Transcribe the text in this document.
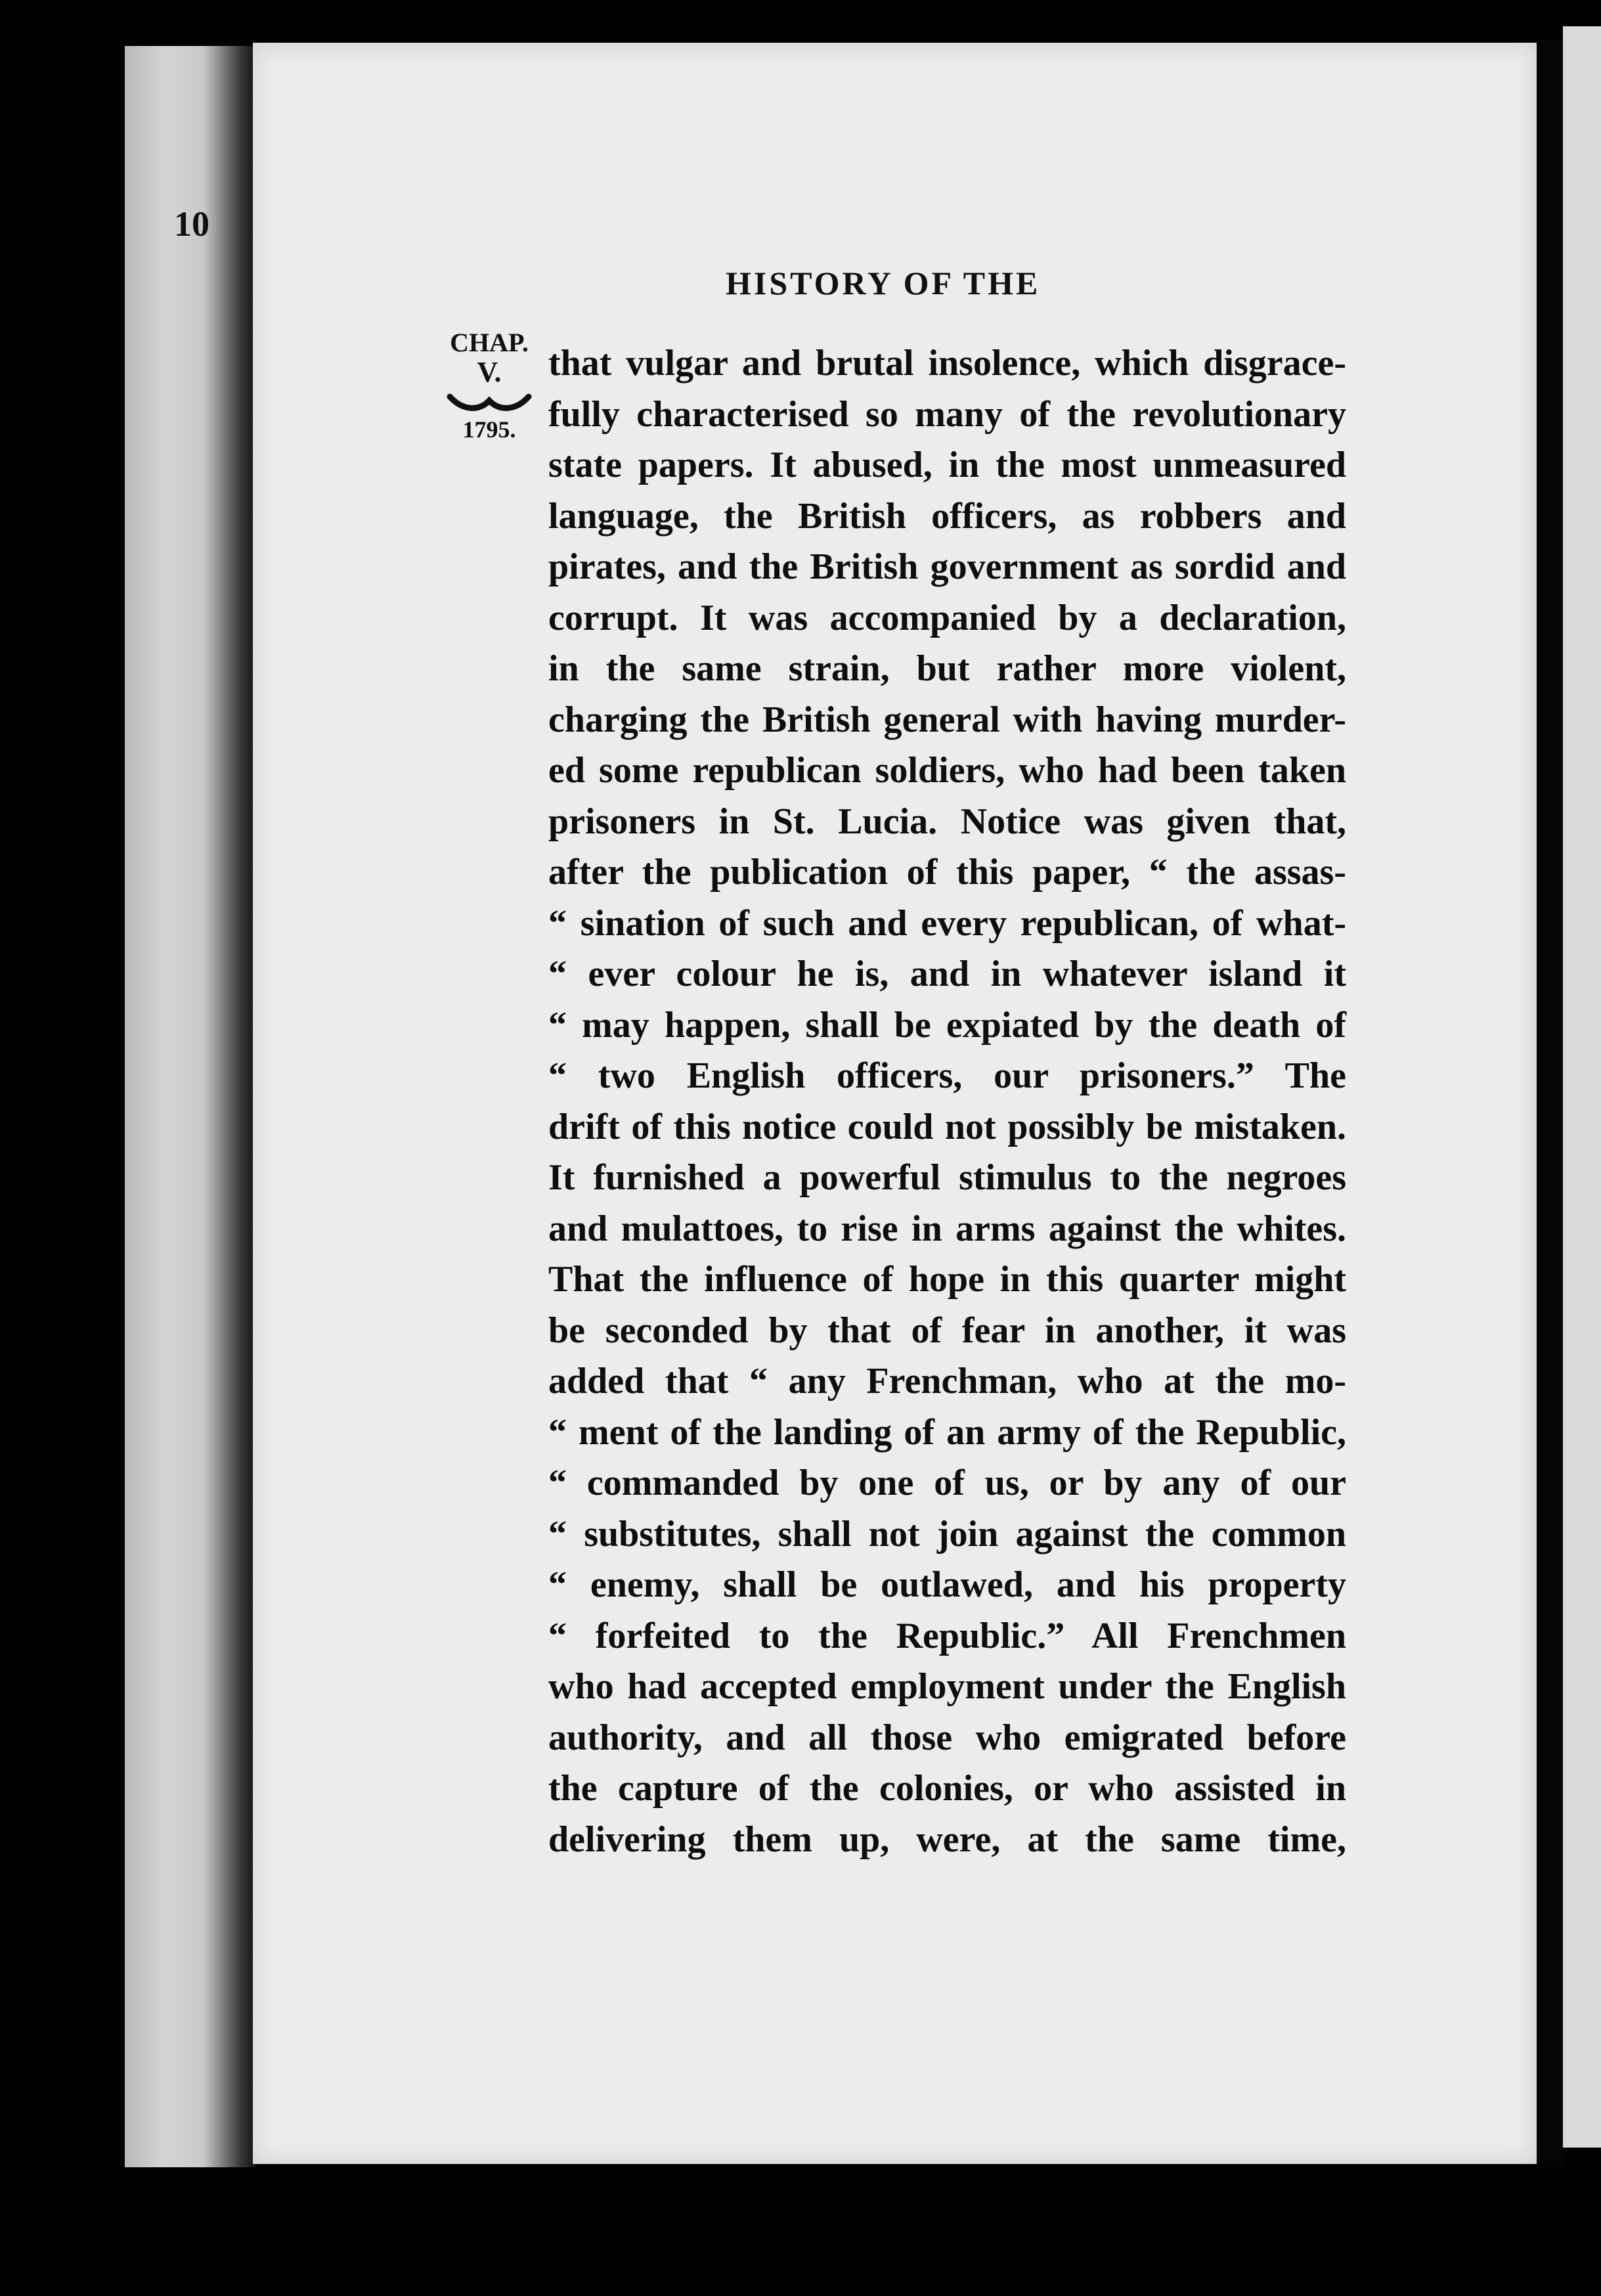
10
HISTORY OF THE
CHAP.
V.
1795.
that vulgar and brutal insolence, which disgrace-
fully characterised so many of the revolutionary
state papers. It abused, in the most unmeasured
language, the British officers, as robbers and
pirates, and the British government as sordid and
corrupt. It was accompanied by a declaration,
in the same strain, but rather more violent,
charging the British general with having murder-
ed some republican soldiers, who had been taken
prisoners in St. Lucia. Notice was given that,
after the publication of this paper, “ the assas-
“ sination of such and every republican, of what-
“ ever colour he is, and in whatever island it
“ may happen, shall be expiated by the death of
“ two English officers, our prisoners.” The
drift of this notice could not possibly be mistaken.
It furnished a powerful stimulus to the negroes
and mulattoes, to rise in arms against the whites.
That the influence of hope in this quarter might
be seconded by that of fear in another, it was
added that “ any Frenchman, who at the mo-
“ ment of the landing of an army of the Republic,
“ commanded by one of us, or by any of our
“ substitutes, shall not join against the common
“ enemy, shall be outlawed, and his property
“ forfeited to the Republic.” All Frenchmen
who had accepted employment under the English
authority, and all those who emigrated before
the capture of the colonies, or who assisted in
delivering them up, were, at the same time,
